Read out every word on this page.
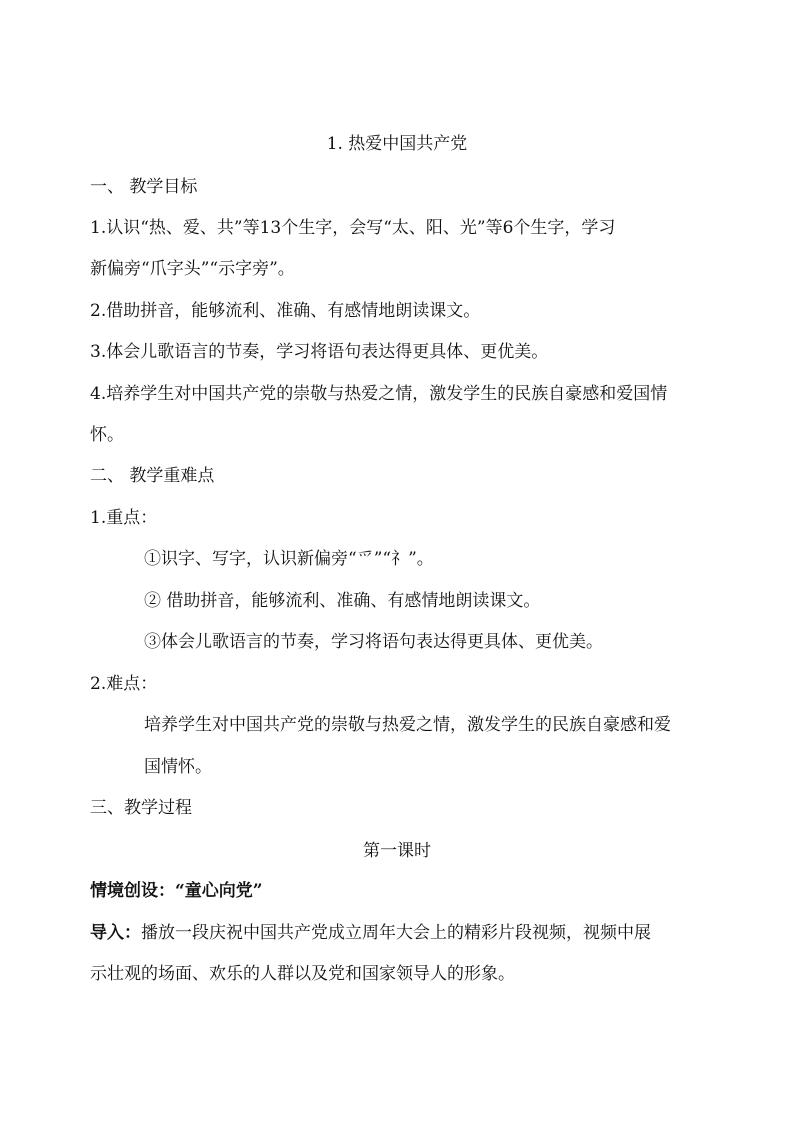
1. 热爱中国共产党
一、 教学目标
1.认识“热、爱、共”等13个生字，会写“太、阳、光”等6个生字，学习
新偏旁“爪字头”“示字旁”。
2.借助拼音，能够流利、准确、有感情地朗读课文。
3.体会儿歌语言的节奏，学习将语句表达得更具体、更优美。
4.培养学生对中国共产党的崇敬与热爱之情，激发学生的民族自豪感和爱国情
怀。
二、 教学重难点
1.重点：
①识字、写字，认识新偏旁“爫”“礻”。
② 借助拼音，能够流利、准确、有感情地朗读课文。
③体会儿歌语言的节奏，学习将语句表达得更具体、更优美。
2.难点：
培养学生对中国共产党的崇敬与热爱之情，激发学生的民族自豪感和爱
国情怀。
三、教学过程
第一课时
情境创设：“童心向党”
导入：播放一段庆祝中国共产党成立周年大会上的精彩片段视频，视频中展
示壮观的场面、欢乐的人群以及党和国家领导人的形象。
